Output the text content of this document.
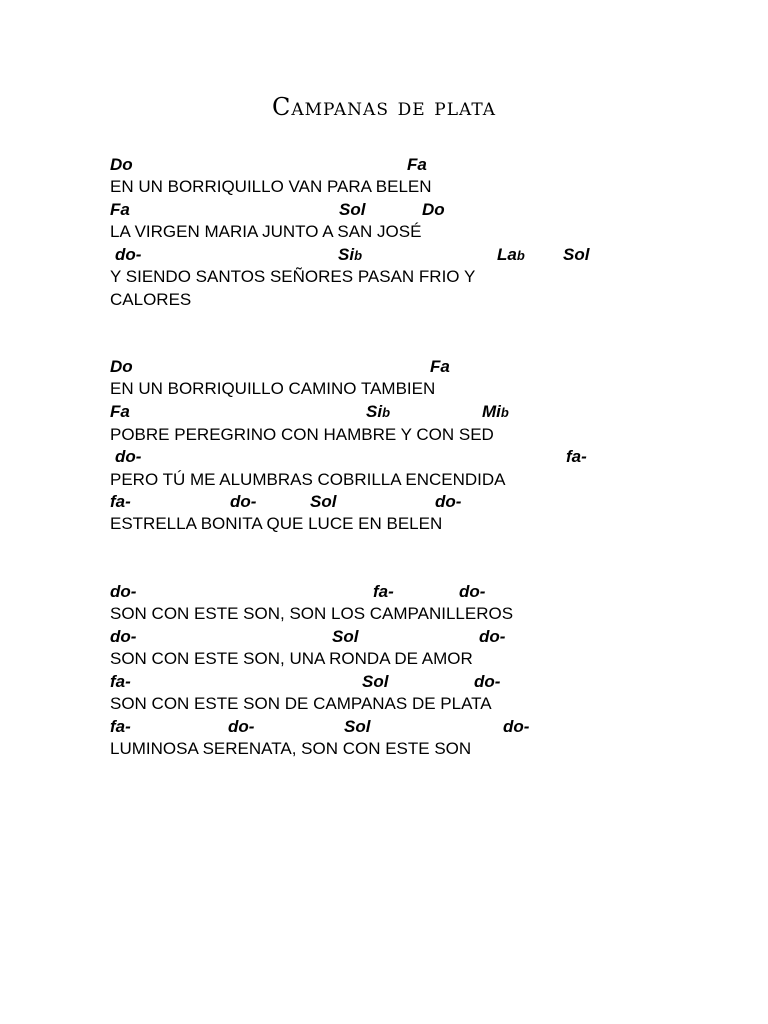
Campanas de plata
Do	Fa
EN UN BORRIQUILLO VAN PARA BELEN
Fa	Sol	Do
LA VIRGEN MARIA JUNTO A SAN JOSÉ
do-	Sib	Lab Sol
Y SIENDO SANTOS SEÑORES PASAN FRIO Y
CALORES
Do	Fa
EN UN BORRIQUILLO CAMINO TAMBIEN
Fa	Sib	Mib
POBRE PEREGRINO CON HAMBRE Y CON SED
do-	fa-
PERO TÚ ME ALUMBRAS COBRILLA ENCENDIDA
fa-	do-	Sol	do-
ESTRELLA BONITA QUE LUCE EN BELEN
do-	fa-	do-
SON CON ESTE SON, SON LOS CAMPANILLEROS
do-	Sol	do-
SON CON ESTE SON, UNA RONDA DE AMOR
fa-	Sol	do-
SON CON ESTE SON DE CAMPANAS DE PLATA
fa-	do-	Sol	do-
LUMINOSA SERENATA, SON CON ESTE SON
